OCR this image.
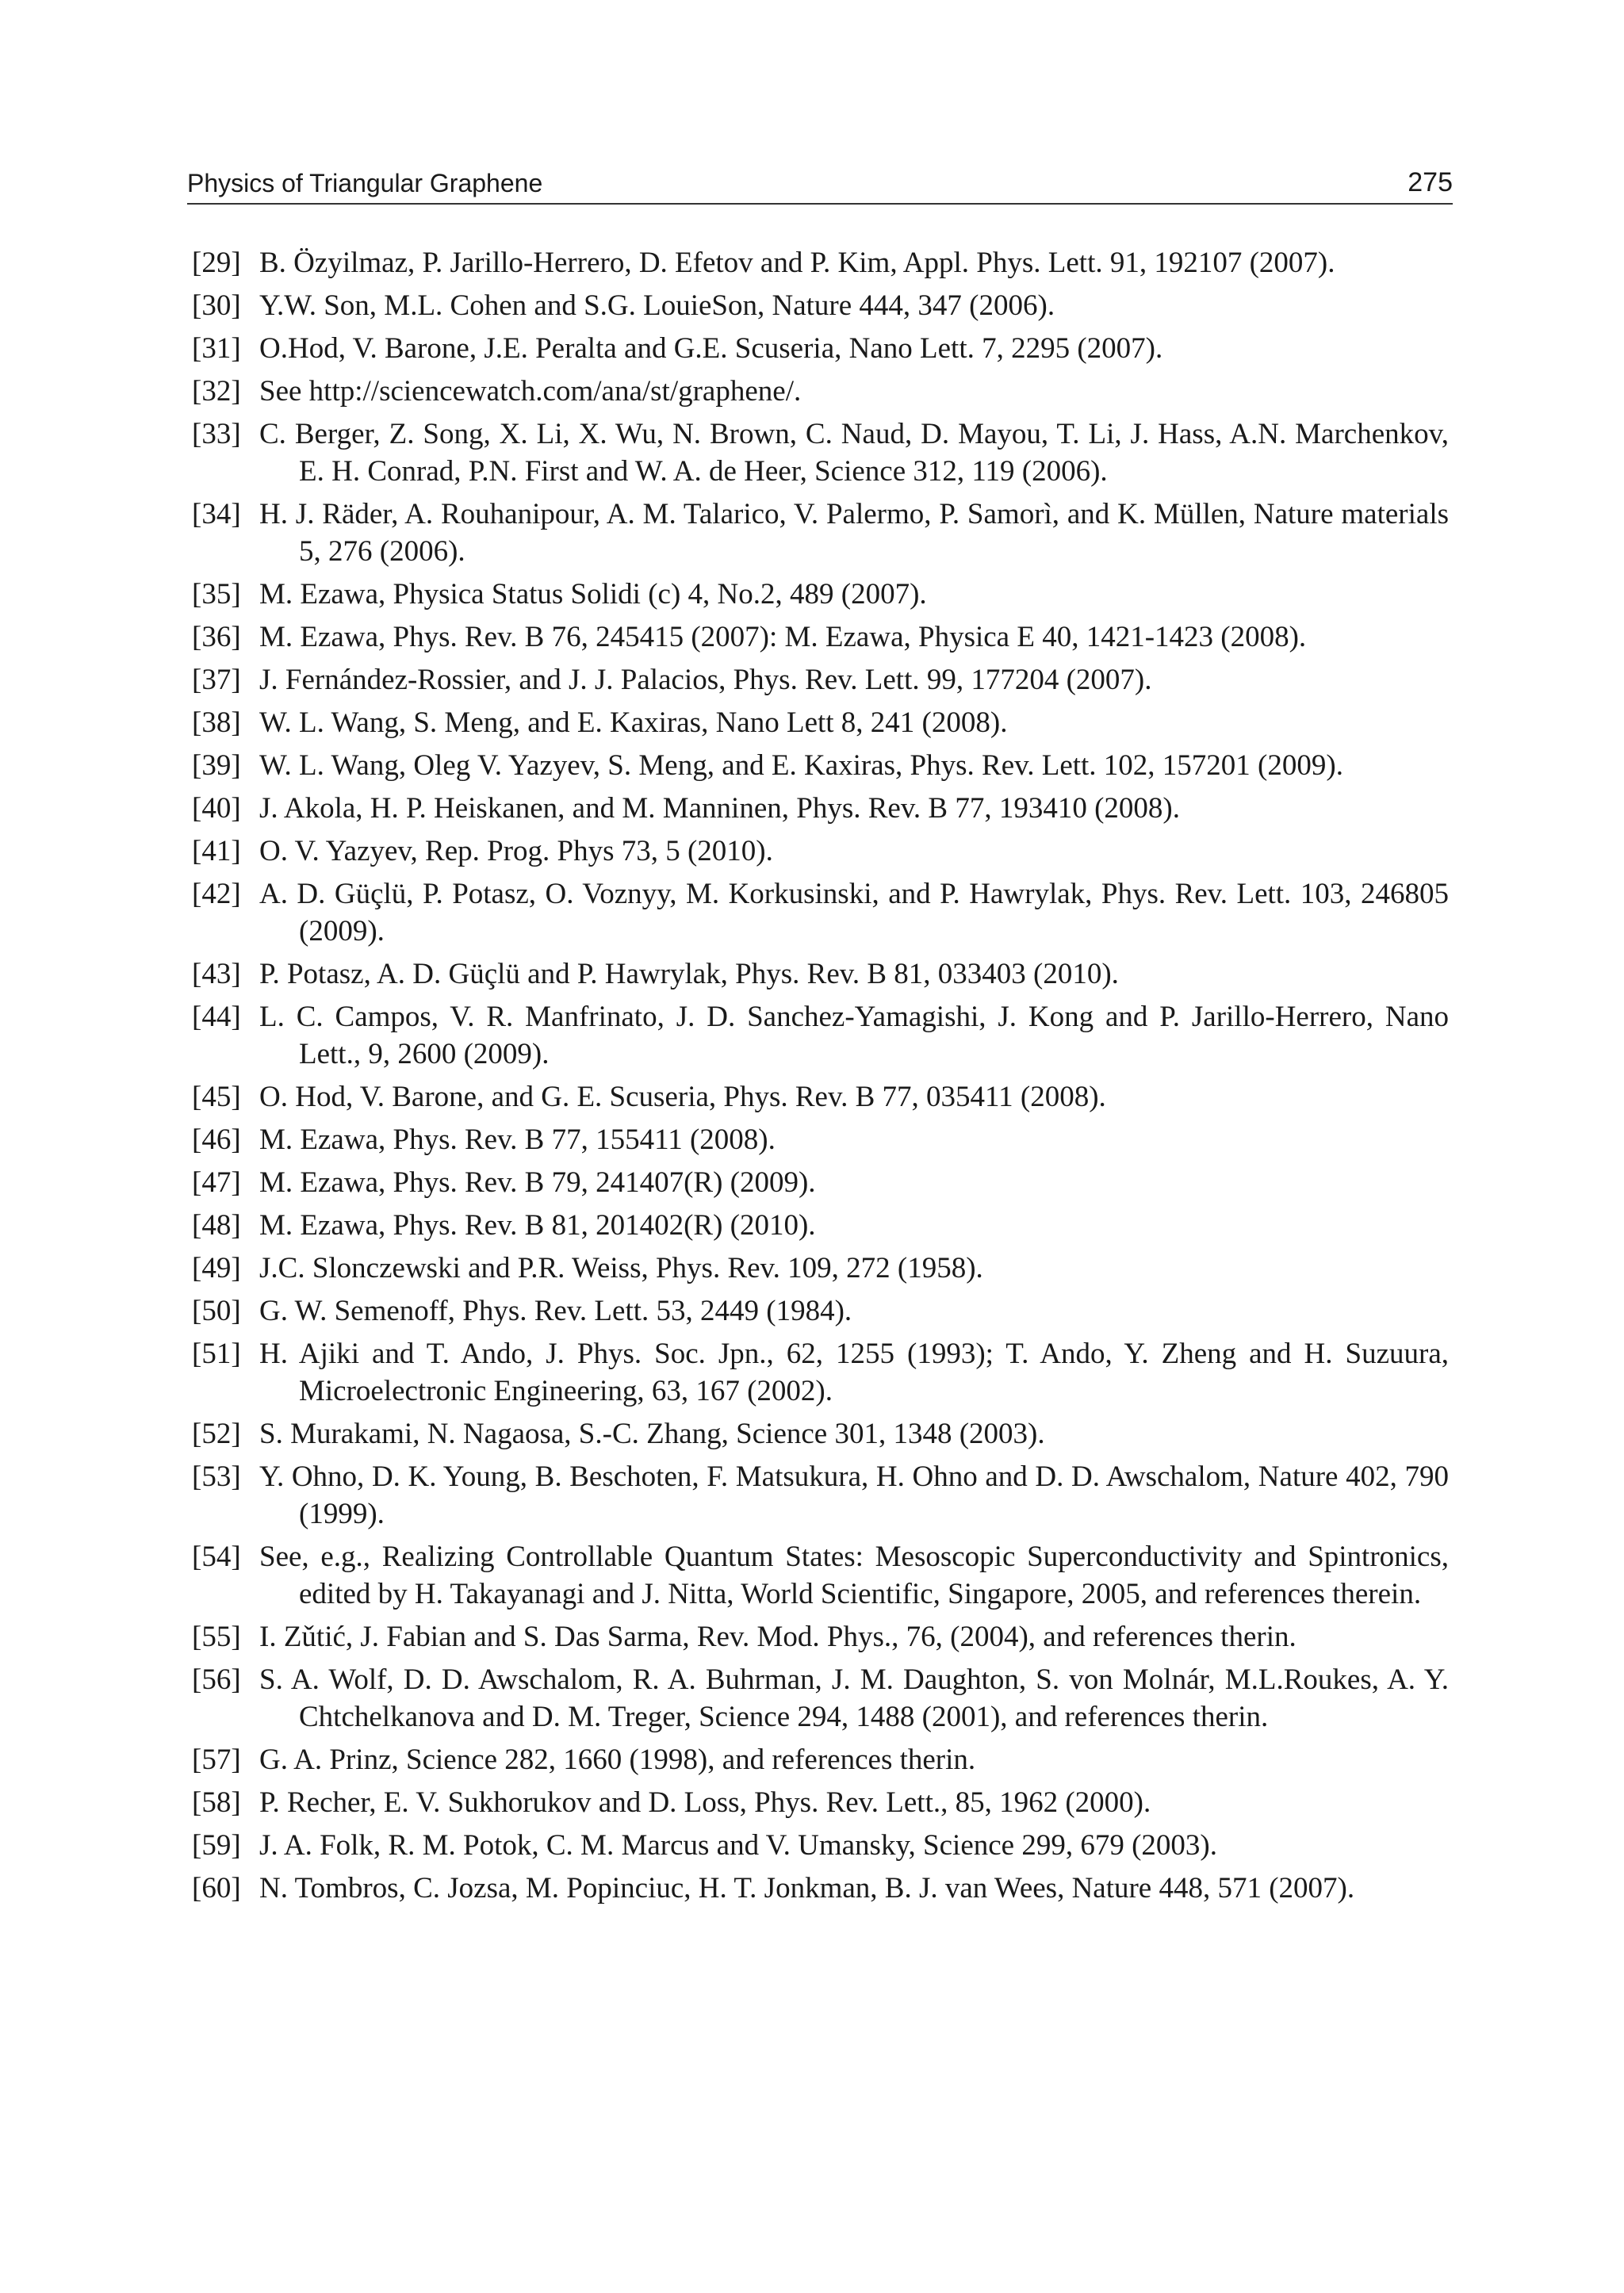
Physics of Triangular Graphene	275
[29] B. Özyilmaz, P. Jarillo-Herrero, D. Efetov and P. Kim, Appl. Phys. Lett. 91, 192107 (2007).
[30] Y.W. Son, M.L. Cohen and S.G. LouieSon, Nature 444, 347 (2006).
[31] O.Hod, V. Barone, J.E. Peralta and G.E. Scuseria, Nano Lett. 7, 2295 (2007).
[32] See http://sciencewatch.com/ana/st/graphene/.
[33] C. Berger, Z. Song, X. Li, X. Wu, N. Brown, C. Naud, D. Mayou, T. Li, J. Hass, A.N. Marchenkov, E. H. Conrad, P.N. First and W. A. de Heer, Science 312, 119 (2006).
[34] H. J. Räder, A. Rouhanipour, A. M. Talarico, V. Palermo, P. Samorì, and K. Müllen, Nature materials 5, 276 (2006).
[35] M. Ezawa, Physica Status Solidi (c) 4, No.2, 489 (2007).
[36] M. Ezawa, Phys. Rev. B 76, 245415 (2007): M. Ezawa, Physica E 40, 1421-1423 (2008).
[37] J. Fernández-Rossier, and J. J. Palacios, Phys. Rev. Lett. 99, 177204 (2007).
[38] W. L. Wang, S. Meng, and E. Kaxiras, Nano Lett 8, 241 (2008).
[39] W. L. Wang, Oleg V. Yazyev, S. Meng, and E. Kaxiras, Phys. Rev. Lett. 102, 157201 (2009).
[40] J. Akola, H. P. Heiskanen, and M. Manninen, Phys. Rev. B 77, 193410 (2008).
[41] O. V. Yazyev, Rep. Prog. Phys 73, 5 (2010).
[42] A. D. Güçlü, P. Potasz, O. Voznyy, M. Korkusinski, and P. Hawrylak, Phys. Rev. Lett. 103, 246805 (2009).
[43] P. Potasz, A. D. Güçlü and P. Hawrylak, Phys. Rev. B 81, 033403 (2010).
[44] L. C. Campos, V. R. Manfrinato, J. D. Sanchez-Yamagishi, J. Kong and P. Jarillo-Herrero, Nano Lett., 9, 2600 (2009).
[45] O. Hod, V. Barone, and G. E. Scuseria, Phys. Rev. B 77, 035411 (2008).
[46] M. Ezawa, Phys. Rev. B 77, 155411 (2008).
[47] M. Ezawa, Phys. Rev. B 79, 241407(R) (2009).
[48] M. Ezawa, Phys. Rev. B 81, 201402(R) (2010).
[49] J.C. Slonczewski and P.R. Weiss, Phys. Rev. 109, 272 (1958).
[50] G. W. Semenoff, Phys. Rev. Lett. 53, 2449 (1984).
[51] H. Ajiki and T. Ando, J. Phys. Soc. Jpn., 62, 1255 (1993); T. Ando, Y. Zheng and H. Suzuura, Microelectronic Engineering, 63, 167 (2002).
[52] S. Murakami, N. Nagaosa, S.-C. Zhang, Science 301, 1348 (2003).
[53] Y. Ohno, D. K. Young, B. Beschoten, F. Matsukura, H. Ohno and D. D. Awschalom, Nature 402, 790 (1999).
[54] See, e.g., Realizing Controllable Quantum States: Mesoscopic Superconductivity and Spintronics, edited by H. Takayanagi and J. Nitta, World Scientific, Singapore, 2005, and references therein.
[55] I. Zǔtić, J. Fabian and S. Das Sarma, Rev. Mod. Phys., 76, (2004), and references therin.
[56] S. A. Wolf, D. D. Awschalom, R. A. Buhrman, J. M. Daughton, S. von Molnár, M.L.Roukes, A. Y. Chtchelkanova and D. M. Treger, Science 294, 1488 (2001), and references therin.
[57] G. A. Prinz, Science 282, 1660 (1998), and references therin.
[58] P. Recher, E. V. Sukhorukov and D. Loss, Phys. Rev. Lett., 85, 1962 (2000).
[59] J. A. Folk, R. M. Potok, C. M. Marcus and V. Umansky, Science 299, 679 (2003).
[60] N. Tombros, C. Jozsa, M. Popinciuc, H. T. Jonkman, B. J. van Wees, Nature 448, 571 (2007).
